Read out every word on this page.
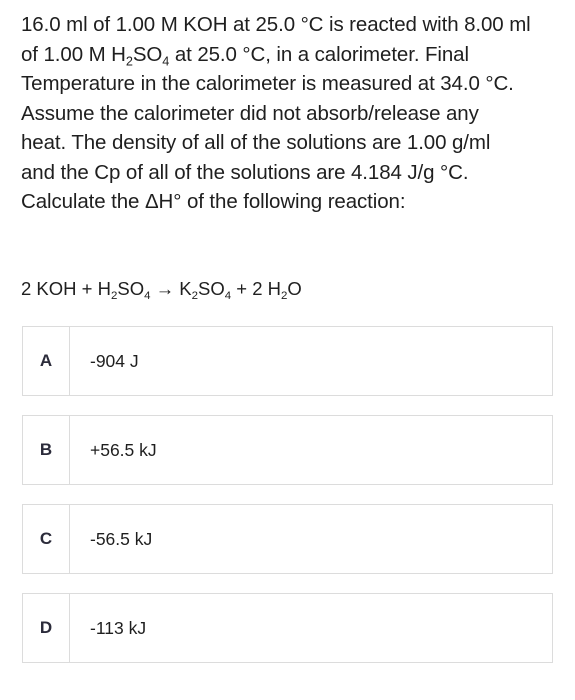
16.0 ml of 1.00 M KOH at 25.0 °C is reacted with 8.00 ml

of 1.00 M $H_2SO_4$ at 25.0 °C, in a calorimeter. Final

Temperature in the calorimeter is measured at 34.0 °C.

Assume the calorimeter did not absorb/release any

heat. The density of all of the solutions are 1.00 g/ml

and the Cp of all of the solutions are 4.184 J/g °C.

Calculate the ΔH° of the following reaction:

2 KOH + $H_2SO_4 \to K_2SO_4 + 2$ $H_2O$
A	-904 J
B	+56.5 kJ
C	-56.5 kJ
D	-113 kJ
